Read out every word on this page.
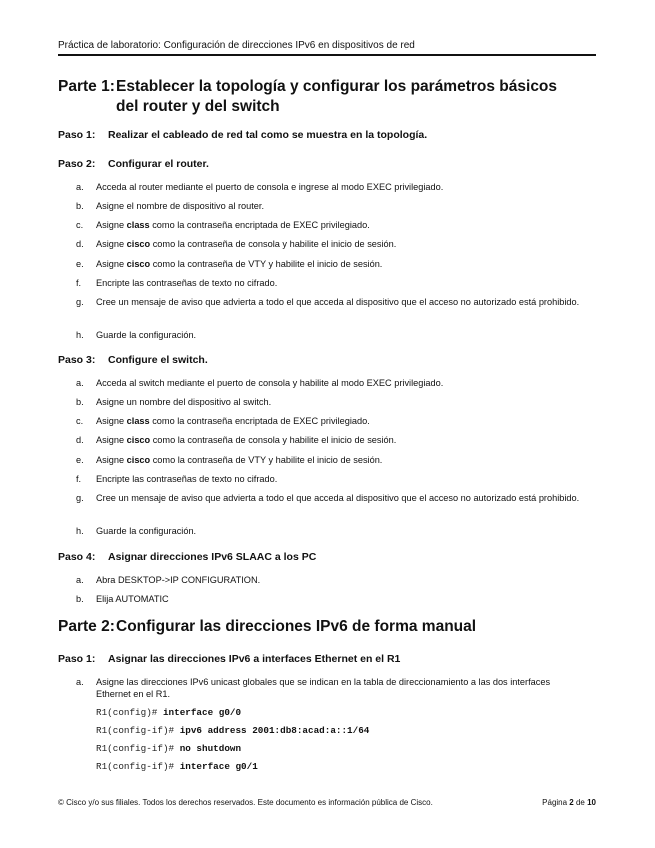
Práctica de laboratorio: Configuración de direcciones IPv6 en dispositivos de red
Parte 1:Establecer la topología y configurar los parámetros básicos del router y del switch
Paso 1: Realizar el cableado de red tal como se muestra en la topología.
Paso 2: Configurar el router.
a. Acceda al router mediante el puerto de consola e ingrese al modo EXEC privilegiado.
b. Asigne el nombre de dispositivo al router.
c. Asigne class como la contraseña encriptada de EXEC privilegiado.
d. Asigne cisco como la contraseña de consola y habilite el inicio de sesión.
e. Asigne cisco como la contraseña de VTY y habilite el inicio de sesión.
f. Encripte las contraseñas de texto no cifrado.
g. Cree un mensaje de aviso que advierta a todo el que acceda al dispositivo que el acceso no autorizado está prohibido.
h. Guarde la configuración.
Paso 3: Configure el switch.
a. Acceda al switch mediante el puerto de consola y habilite al modo EXEC privilegiado.
b. Asigne un nombre del dispositivo al switch.
c. Asigne class como la contraseña encriptada de EXEC privilegiado.
d. Asigne cisco como la contraseña de consola y habilite el inicio de sesión.
e. Asigne cisco como la contraseña de VTY y habilite el inicio de sesión.
f. Encripte las contraseñas de texto no cifrado.
g. Cree un mensaje de aviso que advierta a todo el que acceda al dispositivo que el acceso no autorizado está prohibido.
h. Guarde la configuración.
Paso 4: Asignar direcciones IPv6 SLAAC a los PC
a. Abra DESKTOP->IP CONFIGURATION.
b. Elija AUTOMATIC
Parte 2:Configurar las direcciones IPv6 de forma manual
Paso 1: Asignar las direcciones IPv6 a interfaces Ethernet en el R1
a. Asigne las direcciones IPv6 unicast globales que se indican en la tabla de direccionamiento a las dos interfaces Ethernet en el R1.
R1(config)# interface g0/0
R1(config-if)# ipv6 address 2001:db8:acad:a::1/64
R1(config-if)# no shutdown
R1(config-if)# interface g0/1
© Cisco y/o sus filiales. Todos los derechos reservados. Este documento es información pública de Cisco.	Página 2 de 10
